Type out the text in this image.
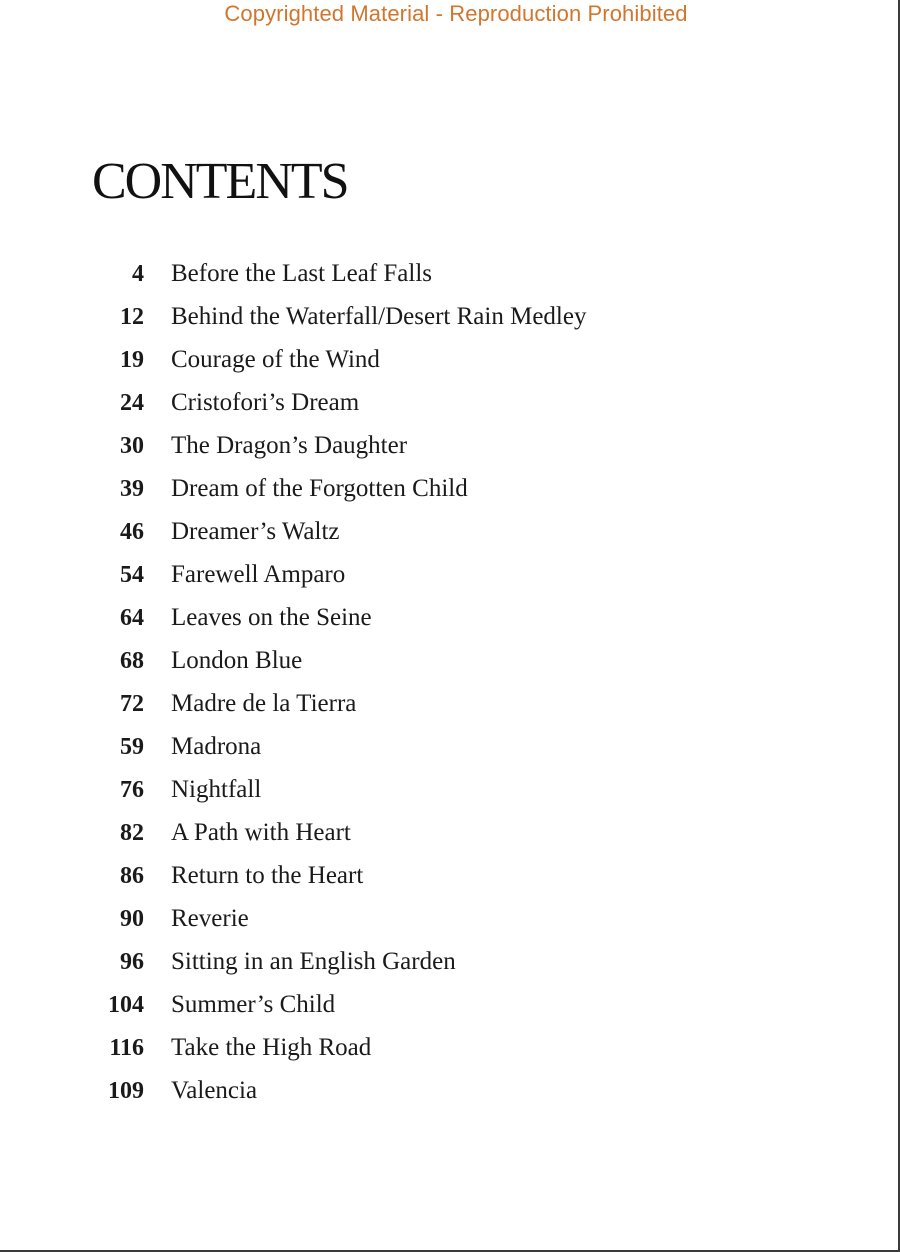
Copyrighted Material - Reproduction Prohibited
CONTENTS
4 Before the Last Leaf Falls
12 Behind the Waterfall/Desert Rain Medley
19 Courage of the Wind
24 Cristofori’s Dream
30 The Dragon’s Daughter
39 Dream of the Forgotten Child
46 Dreamer’s Waltz
54 Farewell Amparo
64 Leaves on the Seine
68 London Blue
72 Madre de la Tierra
59 Madrona
76 Nightfall
82 A Path with Heart
86 Return to the Heart
90 Reverie
96 Sitting in an English Garden
104 Summer’s Child
116 Take the High Road
109 Valencia
